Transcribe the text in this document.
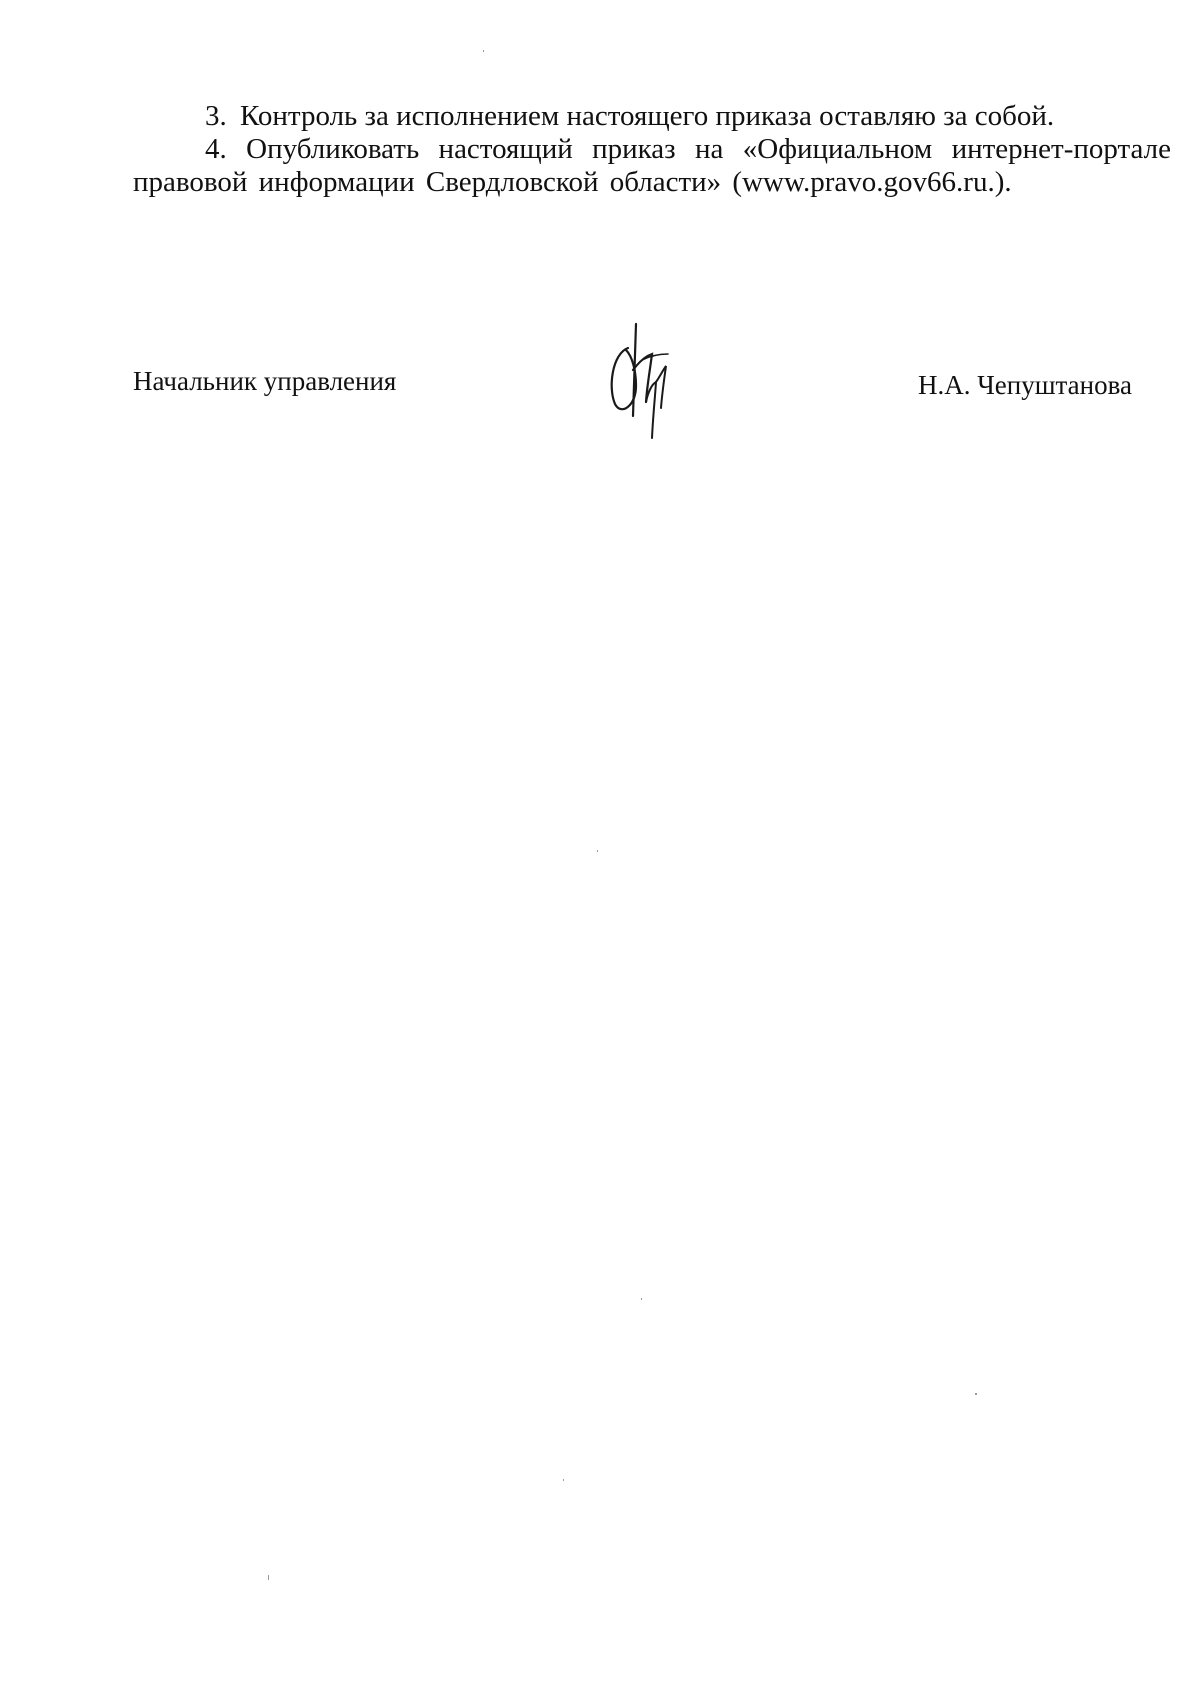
3. Контроль за исполнением настоящего приказа оставляю за собой.

4. Опубликовать настоящий приказ на «Официальном интернет-портале правовой информации Свердловской области» (www.pravo.gov66.ru.).

Начальник управления	Н.А. Чепуштанова
